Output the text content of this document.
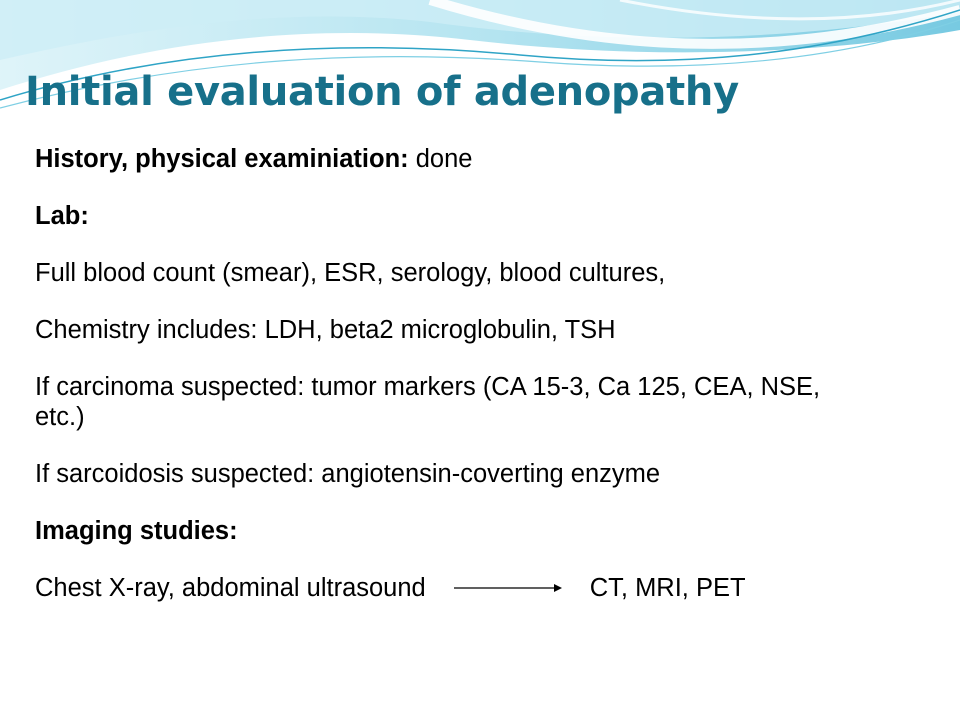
Initial evaluation of adenopathy

History, physical examiniation: done

Lab:

Full blood count (smear), ESR, serology, blood cultures,

Chemistry includes: LDH, beta2 microglobulin, TSH

If carcinoma suspected: tumor markers (CA 15-3, Ca 125, CEA, NSE, etc.)

If sarcoidosis suspected: angiotensin-coverting enzyme

Imaging studies:

Chest X-ray, abdominal ultrasound	CT, MRI, PET
